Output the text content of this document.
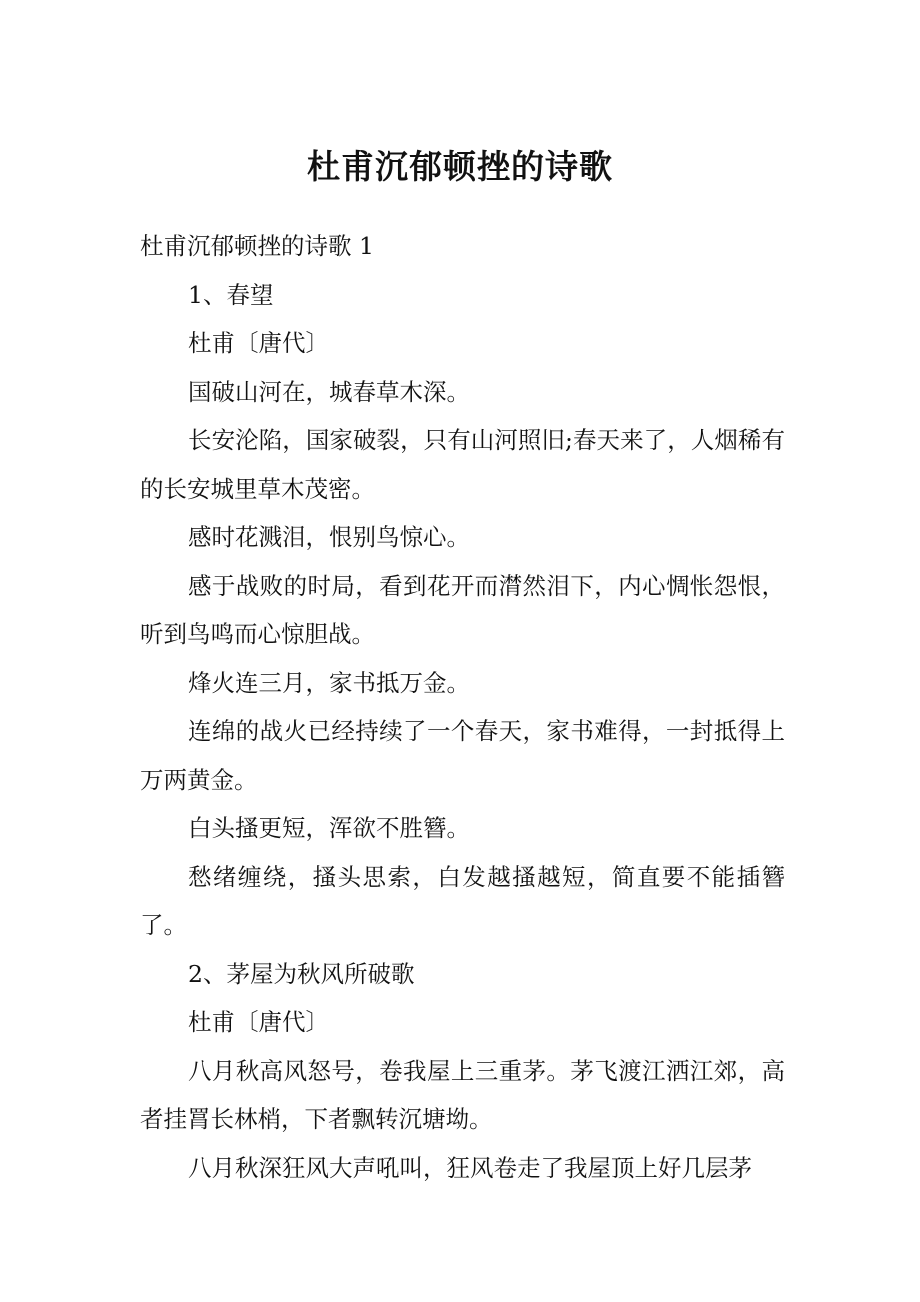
杜甫沉郁顿挫的诗歌

杜甫沉郁顿挫的诗歌 1

1、春望

杜甫〔唐代〕

国破山河在，城春草木深。

长安沦陷，国家破裂，只有山河照旧;春天来了，人烟稀有的长安城里草木茂密。

感时花溅泪，恨别鸟惊心。

感于战败的时局，看到花开而潸然泪下，内心惆怅怨恨，听到鸟鸣而心惊胆战。

烽火连三月，家书抵万金。

连绵的战火已经持续了一个春天，家书难得，一封抵得上万两黄金。

白头搔更短，浑欲不胜簪。

愁绪缠绕，搔头思索，白发越搔越短，简直要不能插簪了。

2、茅屋为秋风所破歌

杜甫〔唐代〕

八月秋高风怒号，卷我屋上三重茅。茅飞渡江洒江郊，高者挂罥长林梢，下者飘转沉塘坳。

八月秋深狂风大声吼叫，狂风卷走了我屋顶上好几层茅
